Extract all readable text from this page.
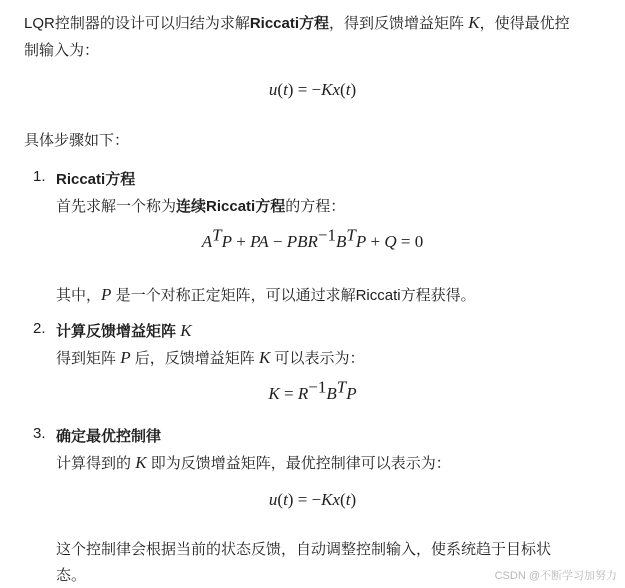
LQR控制器的设计可以归结为求解Riccati方程，得到反馈增益矩阵 K，使得最优控
制输入为：
u(t) = −Kx(t)
具体步骤如下：
1. Riccati方程
首先求解一个称为连续Riccati方程的方程：
$A^TP$ + PA − $PBR^{-1}B^TP + Q = 0$
其中，P 是一个对称正定矩阵，可以通过求解Riccati方程获得。
2. 计算反馈增益矩阵 K
得到矩阵 P 后，反馈增益矩阵 K 可以表示为：
$K = R^{-1}B^TP$
3. 确定最优控制律
计算得到的 K 即为反馈增益矩阵，最优控制律可以表示为：
u(t) = −Kx(t)
这个控制律会根据当前的状态反馈，自动调整控制输入，使系统趋于目标状
态。	CSDN @不断学习加努力
